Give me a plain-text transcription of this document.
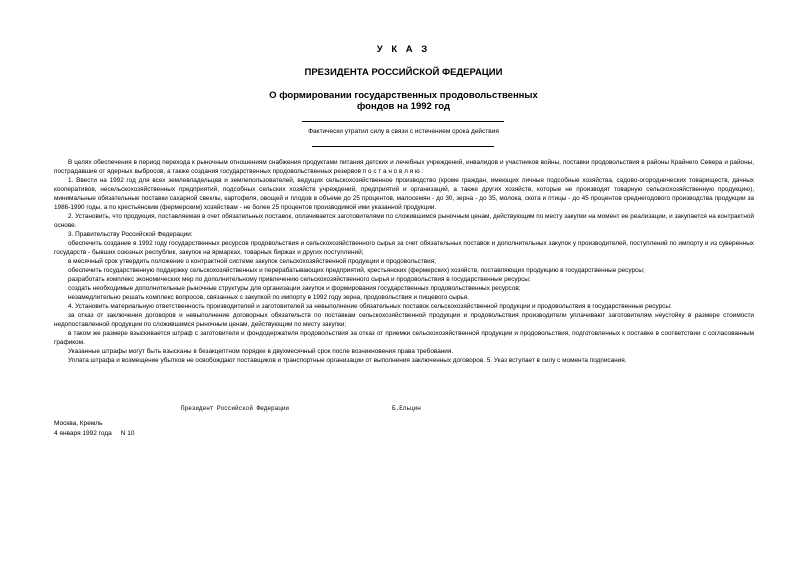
У К А З
ПРЕЗИДЕНТА РОССИЙСКОЙ ФЕДЕРАЦИИ
О формировании государственных продовольственных
фондов на 1992 год
Фактически утратил силу в связи с истечением срока действия

В целях обеспечения в период перехода к рыночным отношениям снабжения продуктами питания детских и лечебных учреждений, инвалидов и участников войны, поставки продовольствия в районы Крайнего Севера и районы, пострадавшие от ядерных выбросов, а также создания государственных продовольственных резервов п о с т а н о в л я ю :

1. Ввести на 1992 год для всех землевладельцев и землепользователей, ведущих сельскохозяйственное производство (кроме граждан, имеющих личные подсобные хозяйства, садово-огороднических товариществ, дачных кооперативов, несельскохозяйственных предприятий, подсобных сельских хозяйств учреждений, предприятий и организаций, а также других хозяйств, которые не производят товарную сельскохозяйственную продукцию), минимальные обязательные поставки сахарной свеклы, картофеля, овощей и плодов в объеме до 25 процентов, малосемян - до 30, зерна - до 35, молока, скота и птицы - до 45 процентов среднегодового производства продукции за 1986-1990 годы, а по крестьянским (фермерским) хозяйствам - не более 25 процентов производимой ими указанной продукции.

2. Установить, что продукция, поставляемая в счет обязательных поставок, оплачивается заготовителями по сложившимся рыночным ценам, действующим по месту закупки на момент ее реализации, и закупается на контрактной основе.

3. Правительству Российской Федерации:

обеспечить создание в 1992 году государственных ресурсов продовольствия и сельскохозяйственного сырья за счет обязательных поставок и дополнительных закупок у производителей, поступлений по импорту и из суверенных государств - бывших союзных республик, закупок на ярмарках, товарных биржах и других поступлений;

в месячный срок утвердить положение о контрактной системе закупок сельскохозяйственной продукции и продовольствия;

обеспечить государственную поддержку сельскохозяйственных и перерабатывающих предприятий, крестьянских (фермерских) хозяйств, поставляющих продукцию в государственные ресурсы;

разработать комплекс экономических мер по дополнительному привлечению сельскохозяйственного сырья и продовольствия в государственные ресурсы;

создать необходимые дополнительные рыночные структуры для организации закупок и формирования государственных продовольственных ресурсов;

незамедлительно решать комплекс вопросов, связанных с закупкой по импорту в 1992 году зерна, продовольствия и пищевого сырья.

4. Установить материальную ответственность производителей и заготовителей за невыполнение обязательных поставок сельскохозяйственной продукции и продовольствия в государственные ресурсы:

за отказ от заключения договоров и невыполнение договорных обязательств по поставкам сельскохозяйственной продукции и продовольствия производители уплачивают заготовителям неустойку в размере стоимости недопоставленной продукции по сложившимся рыночным ценам, действующим по месту закупки;

в таком же размере взыскивается штраф с заготовителя и фондодержателя продовольствия за отказ от приемки сельскохозяйственной продукции и продовольствия, подготовленных к поставке в соответствии с согласованным графиком.

Указанные штрафы могут быть взысканы в безакцептном порядке в двухмесячный срок после возникновения права требования.

Уплата штрафа и возмещение убытков не освобождают поставщиков и транспортные организации от выполнения заключенных договоров. 5. Указ вступает в силу с момента подписания.

Президент Российской Федерации	Б.Ельцин
Москва, Кремль
4 января 1992 года     N 10
